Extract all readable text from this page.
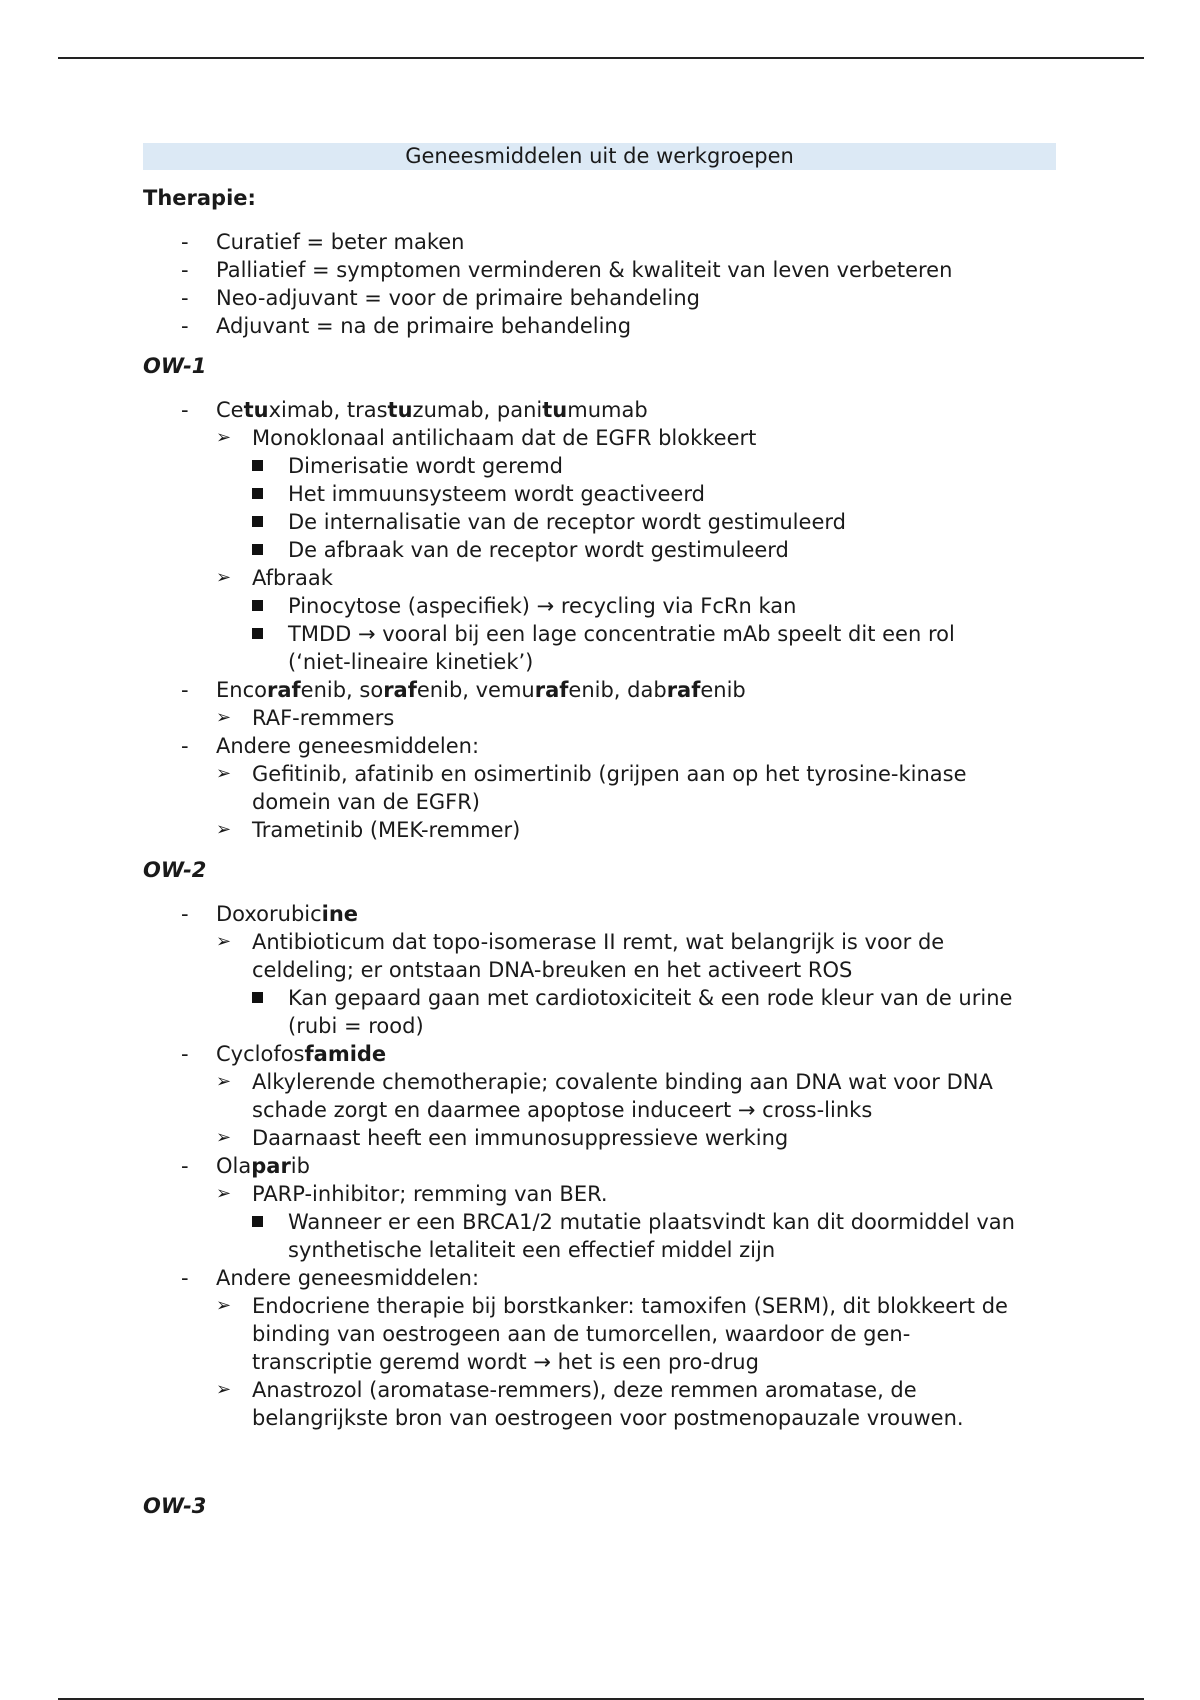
Geneesmiddelen uit de werkgroepen
Therapie:
- Curatief = beter maken
- Palliatief = symptomen verminderen & kwaliteit van leven verbeteren
- Neo-adjuvant = voor de primaire behandeling
- Adjuvant = na de primaire behandeling
OW-1
- Cetuximab, trastuzumab, panitumumab
➢ Monoklonaal antilichaam dat de EGFR blokkeert
Dimerisatie wordt geremd
Het immuunsysteem wordt geactiveerd
De internalisatie van de receptor wordt gestimuleerd
De afbraak van de receptor wordt gestimuleerd
➢ Afbraak
Pinocytose (aspecifiek) → recycling via FcRn kan
TMDD → vooral bij een lage concentratie mAb speelt dit een rol
(‘niet-lineaire kinetiek’)
- Encorafenib, sorafenib, vemurafenib, dabrafenib
➢ RAF-remmers
- Andere geneesmiddelen:
➢ Gefitinib, afatinib en osimertinib (grijpen aan op het tyrosine-kinase
domein van de EGFR)
➢ Trametinib (MEK-remmer)
OW-2
- Doxorubicine
➢ Antibioticum dat topo-isomerase II remt, wat belangrijk is voor de
celdeling; er ontstaan DNA-breuken en het activeert ROS
Kan gepaard gaan met cardiotoxiciteit & een rode kleur van de urine
(rubi = rood)
- Cyclofosfamide
➢ Alkylerende chemotherapie; covalente binding aan DNA wat voor DNA
schade zorgt en daarmee apoptose induceert → cross-links
➢ Daarnaast heeft een immunosuppressieve werking
- Olaparib
➢ PARP-inhibitor; remming van BER.
Wanneer er een BRCA1/2 mutatie plaatsvindt kan dit doormiddel van
synthetische letaliteit een effectief middel zijn
- Andere geneesmiddelen:
➢ Endocriene therapie bij borstkanker: tamoxifen (SERM), dit blokkeert de
binding van oestrogeen aan de tumorcellen, waardoor de gen-
transcriptie geremd wordt → het is een pro-drug
➢ Anastrozol (aromatase-remmers), deze remmen aromatase, de
belangrijkste bron van oestrogeen voor postmenopauzale vrouwen.
OW-3
